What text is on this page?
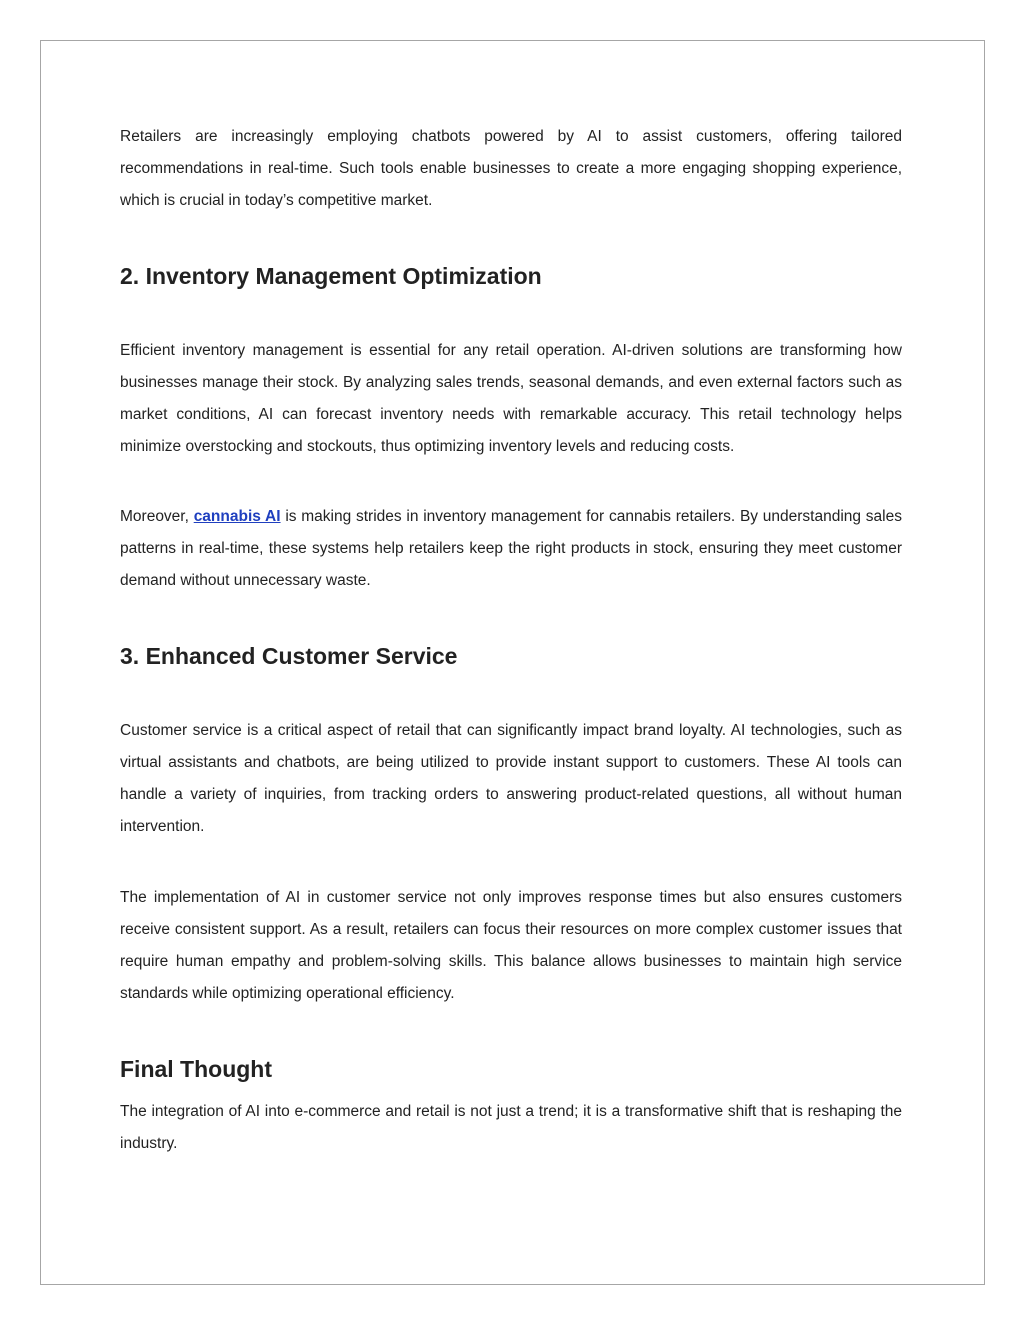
Retailers are increasingly employing chatbots powered by AI to assist customers, offering tailored recommendations in real-time. Such tools enable businesses to create a more engaging shopping experience, which is crucial in today’s competitive market.

2. Inventory Management Optimization

Efficient inventory management is essential for any retail operation. AI-driven solutions are transforming how businesses manage their stock. By analyzing sales trends, seasonal demands, and even external factors such as market conditions, AI can forecast inventory needs with remarkable accuracy. This retail technology helps minimize overstocking and stockouts, thus optimizing inventory levels and reducing costs.

Moreover, cannabis AI is making strides in inventory management for cannabis retailers. By understanding sales patterns in real-time, these systems help retailers keep the right products in stock, ensuring they meet customer demand without unnecessary waste.

3. Enhanced Customer Service

Customer service is a critical aspect of retail that can significantly impact brand loyalty. AI technologies, such as virtual assistants and chatbots, are being utilized to provide instant support to customers. These AI tools can handle a variety of inquiries, from tracking orders to answering product-related questions, all without human intervention.

The implementation of AI in customer service not only improves response times but also ensures customers receive consistent support. As a result, retailers can focus their resources on more complex customer issues that require human empathy and problem-solving skills. This balance allows businesses to maintain high service standards while optimizing operational efficiency.

Final Thought

The integration of AI into e-commerce and retail is not just a trend; it is a transformative shift that is reshaping the industry.
